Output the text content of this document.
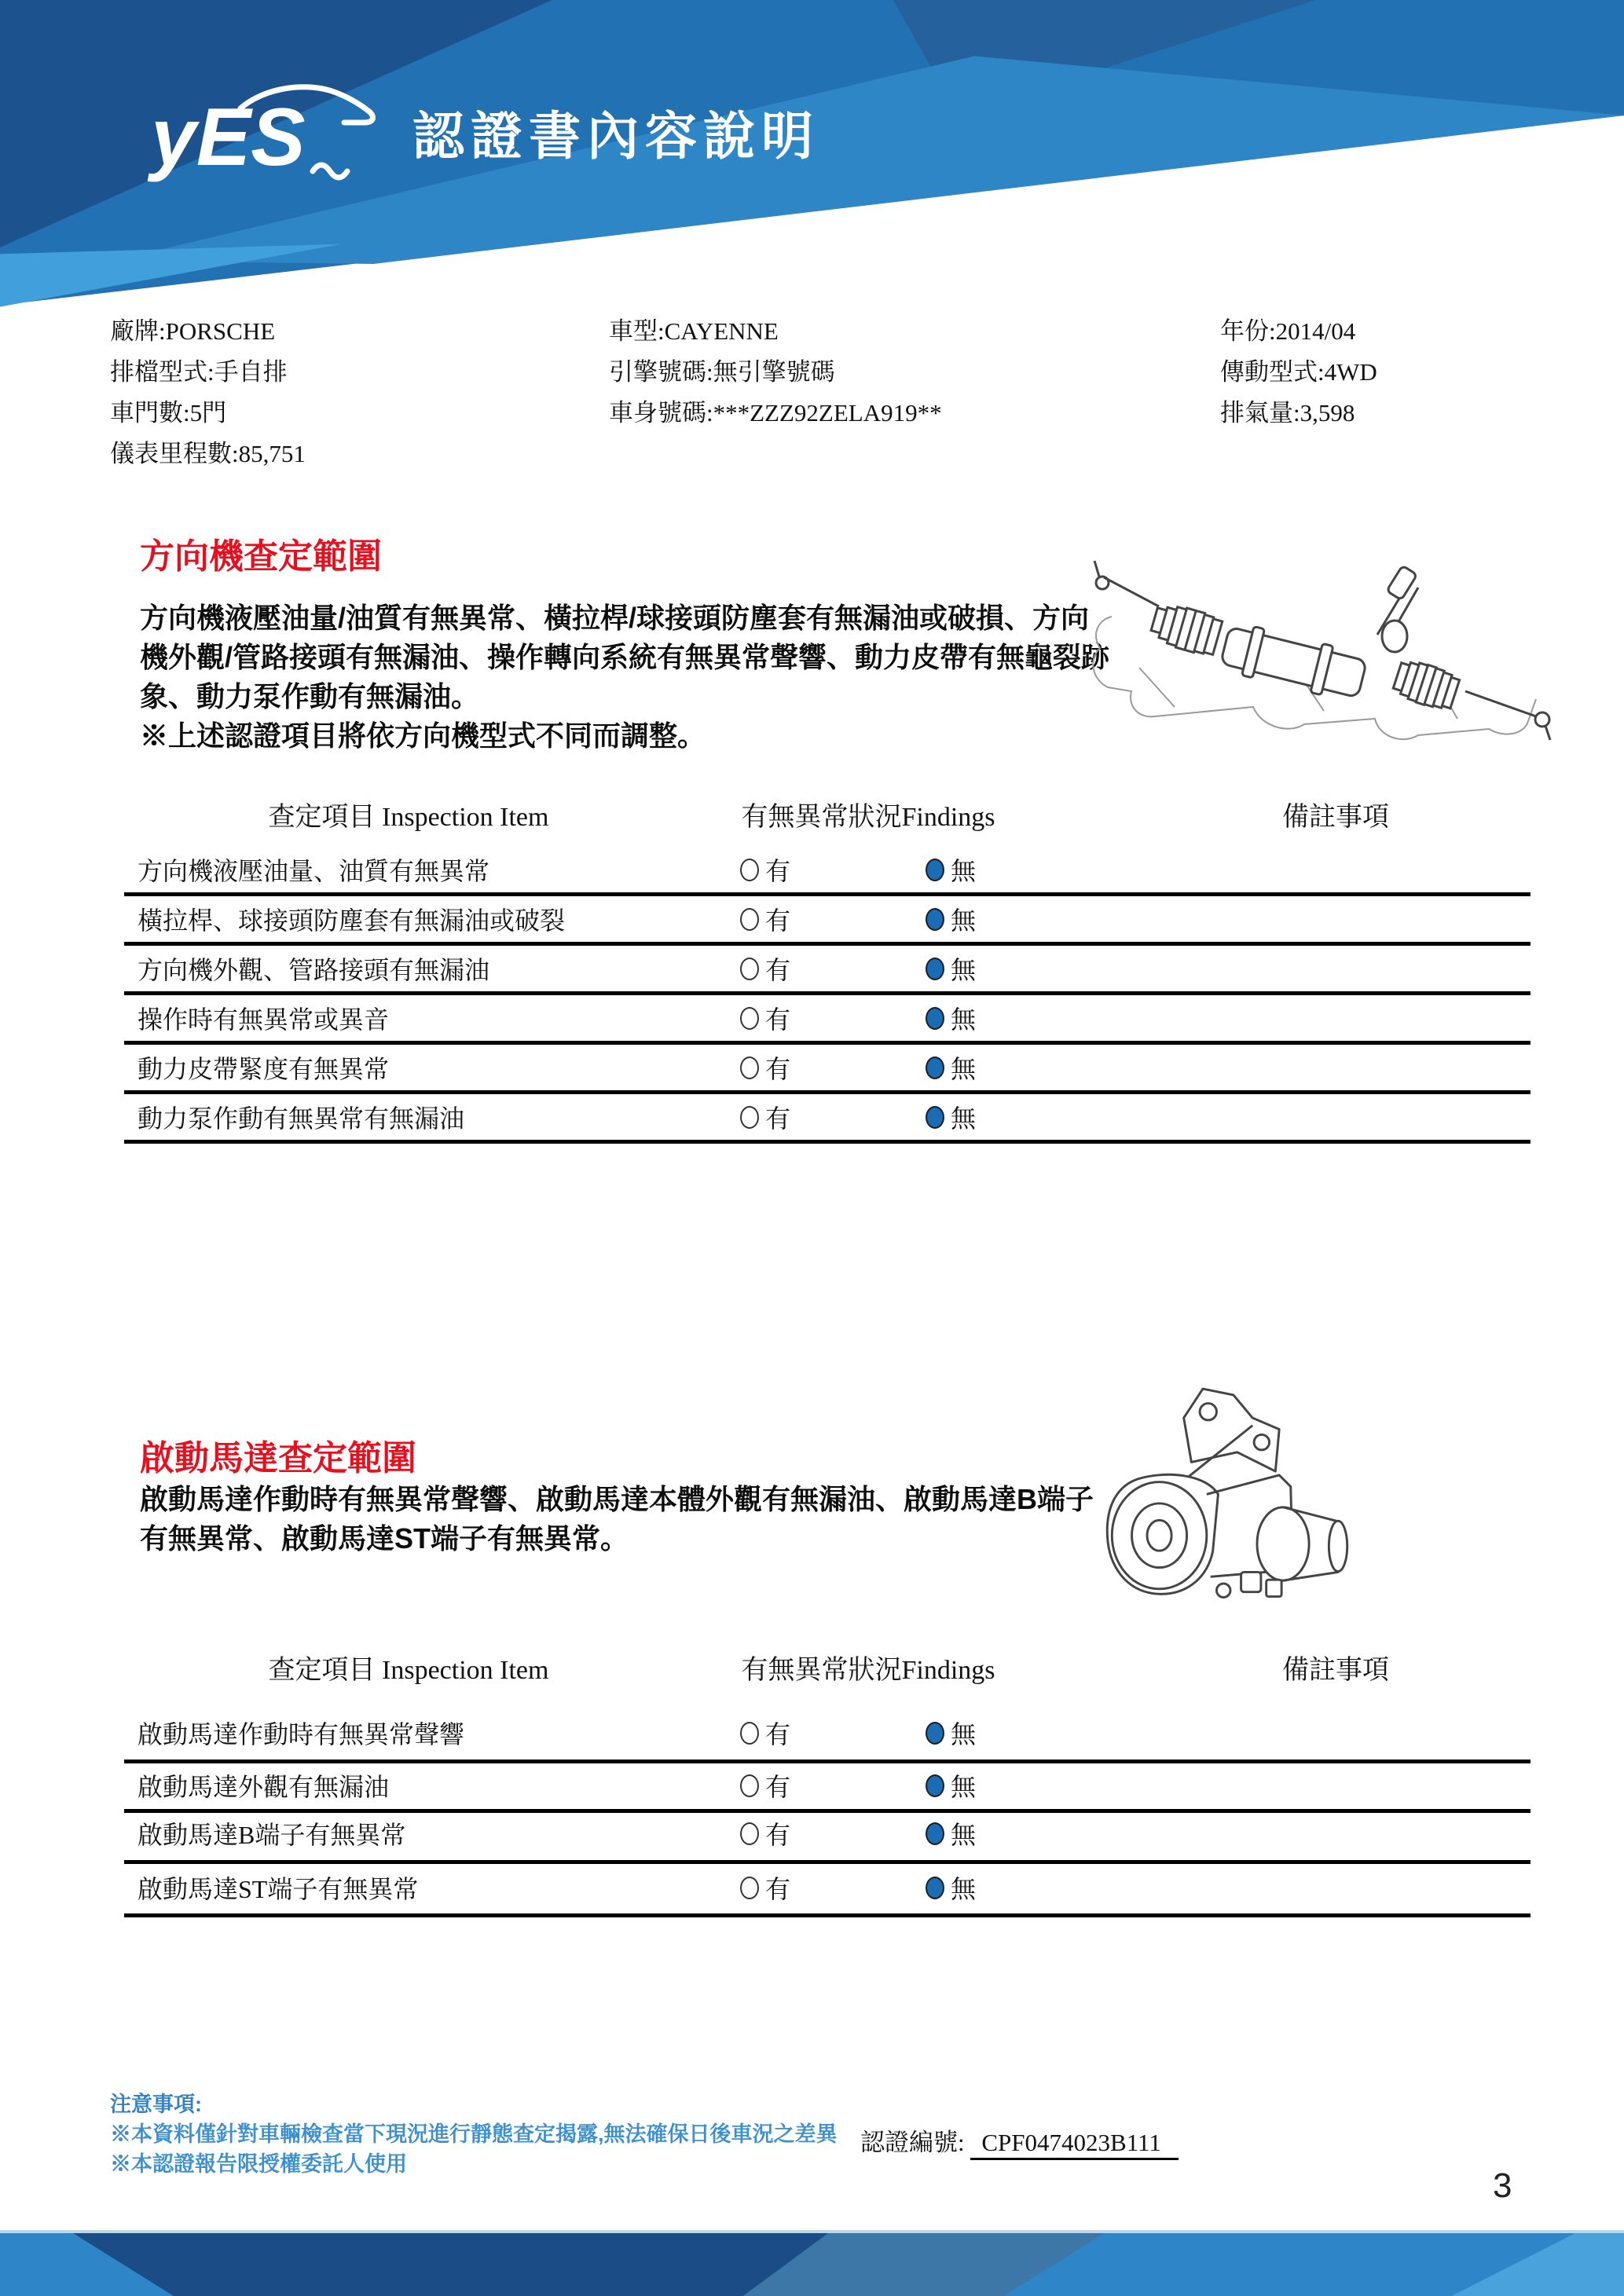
yES 認證書內容說明
廠牌:PORSCHE
排檔型式:手自排
車門數:5門
儀表里程數:85,751
車型:CAYENNE
引擎號碼:無引擎號碼
車身號碼:***ZZZ92ZELA919**
年份:2014/04
傳動型式:4WD
排氣量:3,598
方向機查定範圍

方向機液壓油量/油質有無異常、橫拉桿/球接頭防塵套有無漏油或破損、方向機外觀/管路接頭有無漏油、操作轉向系統有無異常聲響、動力皮帶有無龜裂跡象、動力泵作動有無漏油。

※上述認證項目將依方向機型式不同而調整。

查定項目 Inspection Item	有無異常狀況Findings	備註事項
方向機液壓油量、油質有無異常	有	無
橫拉桿、球接頭防塵套有無漏油或破裂	有	無
方向機外觀、管路接頭有無漏油	有	無
操作時有無異常或異音	有	無
動力皮帶緊度有無異常	有	無
動力泵作動有無異常有無漏油	有	無
啟動馬達查定範圍

啟動馬達作動時有無異常聲響、啟動馬達本體外觀有無漏油、啟動馬達B端子有無異常、啟動馬達ST端子有無異常。

查定項目 Inspection Item	有無異常狀況Findings	備註事項
啟動馬達作動時有無異常聲響	有	無
啟動馬達外觀有無漏油	有	無
啟動馬達B端子有無異常	有	無
啟動馬達ST端子有無異常	有	無
注意事項:
※本資料僅針對車輛檢查當下現況進行靜態查定揭露,無法確保日後車況之差異
※本認證報告限授權委託人使用
認證編號: CPF0474023B111
3
